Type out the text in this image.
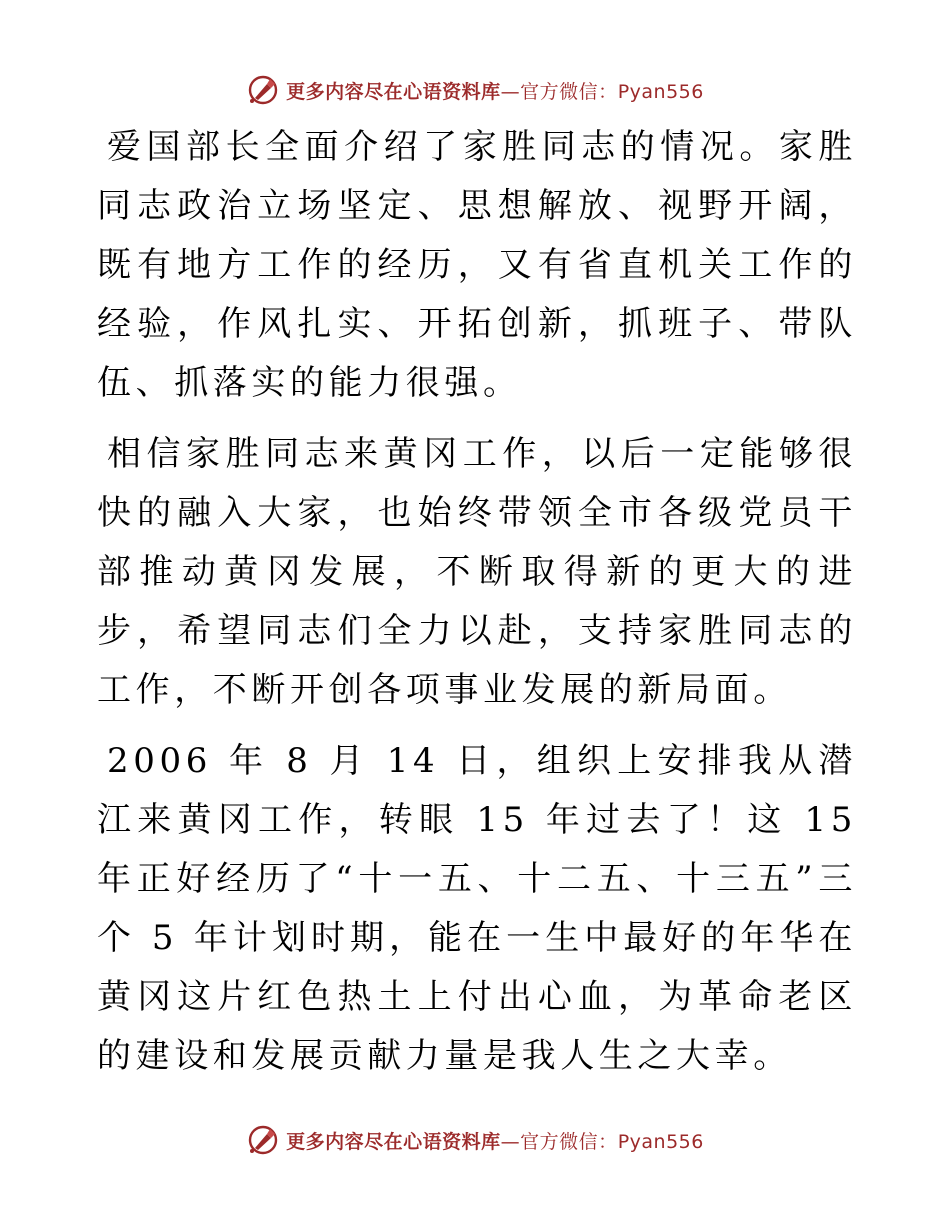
更多内容尽在心语资料库—官方微信：Pyan556

爱国部长全面介绍了家胜同志的情况。家胜同志政治立场坚定、思想解放、视野开阔，既有地方工作的经历，又有省直机关工作的经验，作风扎实、开拓创新，抓班子、带队伍、抓落实的能力很强。

相信家胜同志来黄冈工作，以后一定能够很快的融入大家，也始终带领全市各级党员干部推动黄冈发展，不断取得新的更大的进步，希望同志们全力以赴，支持家胜同志的工作，不断开创各项事业发展的新局面。

2006 年 8 月 14 日，组织上安排我从潜江来黄冈工作，转眼 15 年过去了！这 15 年正好经历了“十一五、十二五、十三五”三个 5 年计划时期，能在一生中最好的年华在黄冈这片红色热土上付出心血，为革命老区的建设和发展贡献力量是我人生之大幸。

更多内容尽在心语资料库—官方微信：Pyan556
